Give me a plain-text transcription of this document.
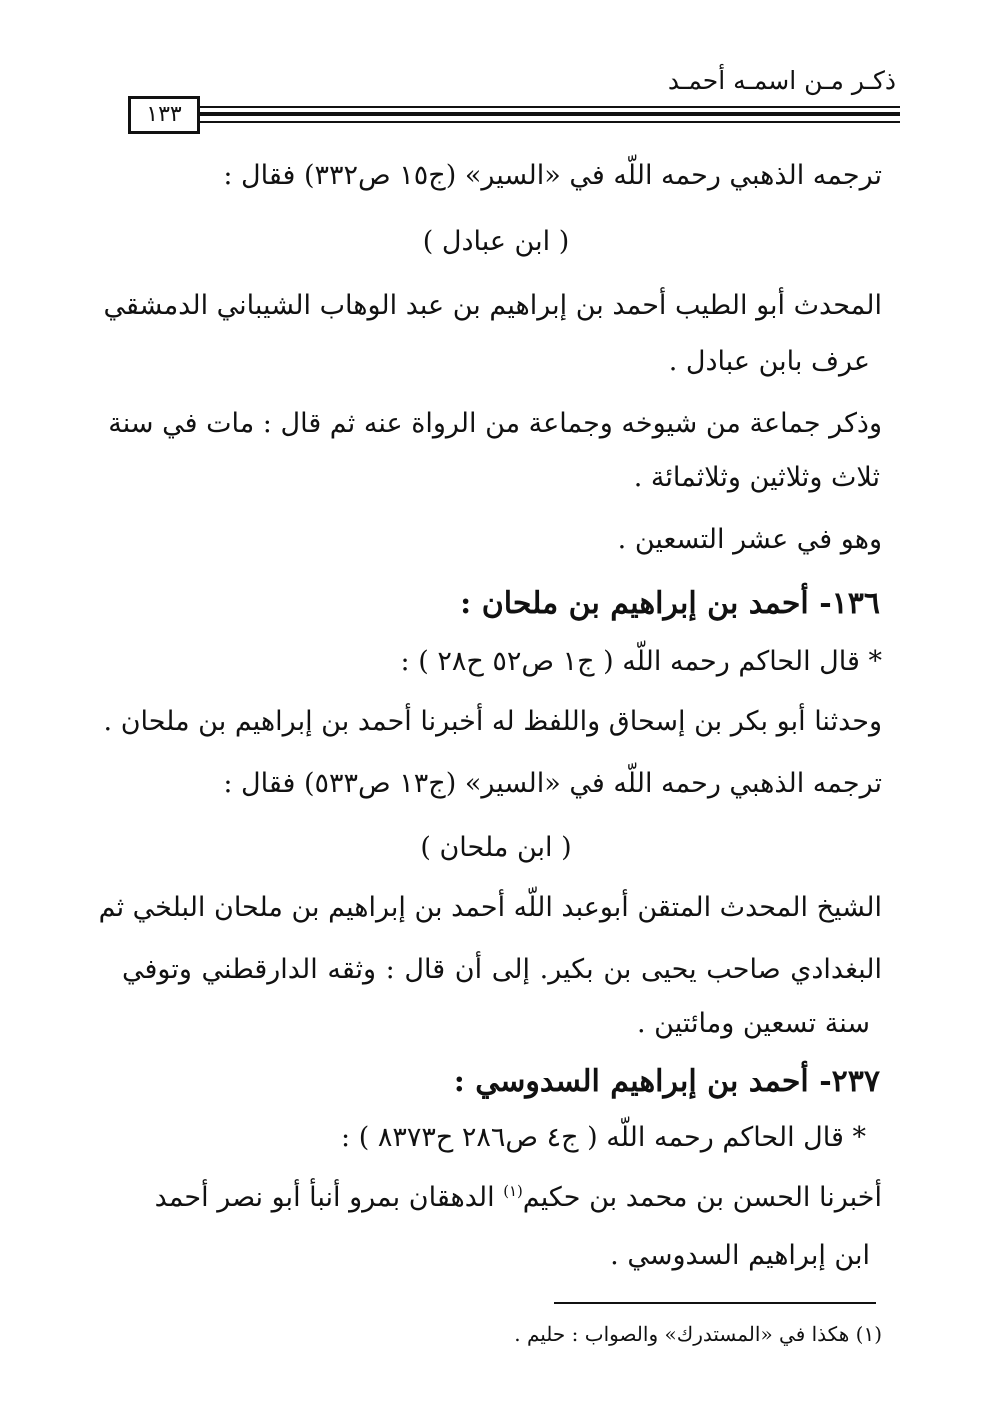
ذكـر مـن اسمـه أحمـد
١٣٣
ترجمه الذهبي رحمه اللّه في «السير» (ج١٥ ص٣٣٢) فقال :
( ابن عبادل )
المحدث أبو الطيب أحمد بن إبراهيم بن عبد الوهاب الشيباني الدمشقي
عرف بابن عبادل .
وذكر جماعة من شيوخه وجماعة من الرواة عنه ثم قال : مات في سنة
ثلاث وثلاثين وثلاثمائة .
وهو في عشر التسعين .
١٣٦- أحمد بن إبراهيم بن ملحان :
* قال الحاكم رحمه اللّه ( ج١ ص٥٢ ح٢٨ ) :
وحدثنا أبو بكر بن إسحاق واللفظ له أخبرنا أحمد بن إبراهيم بن ملحان .
ترجمه الذهبي رحمه اللّه في «السير» (ج١٣ ص٥٣٣) فقال :
( ابن ملحان )
الشيخ المحدث المتقن أبوعبد اللّه أحمد بن إبراهيم بن ملحان البلخي ثم
البغدادي صاحب يحيى بن بكير. إلى أن قال : وثقه الدارقطني وتوفي
سنة تسعين ومائتين .
٢٣٧- أحمد بن إبراهيم السدوسي :
* قال الحاكم رحمه اللّه ( ج٤ ص٢٨٦ ح٨٣٧٣ ) :
أخبرنا الحسن بن محمد بن حكيم$^{(١)}$ الدهقان بمرو أنبأ أبو نصر أحمد
ابن إبراهيم السدوسي .
(١) هكذا في «المستدرك» والصواب : حليم .
